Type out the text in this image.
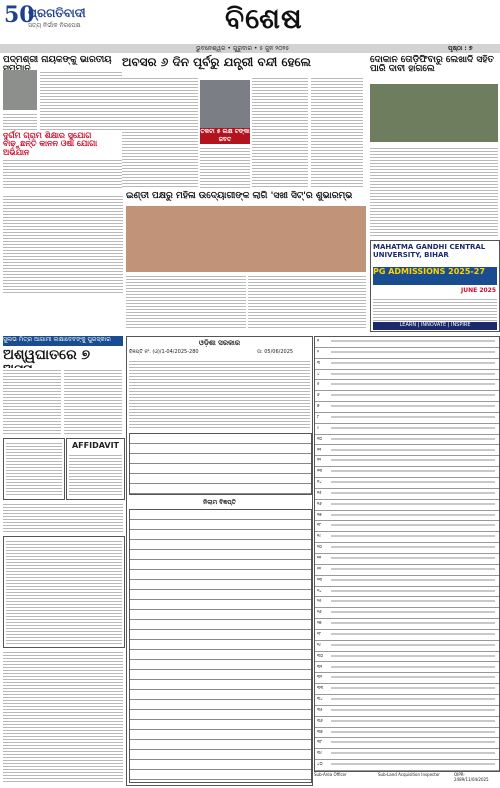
50
ପ୍ରଗତିବାଦୀ
ସତ୍ୟ ନିର୍ଭୀକ ନିରପେକ୍ଷ	ବିଶେଷ
ଭୁବନେଶ୍ୱର • ଗୁରୁବାର • ୫ ଜୁନ ୨୦୨୫	ପୃଷ୍ଠା : ୭
ପଦ୍ମଶ୍ରୀ ନାୟକଙ୍କୁ ଭାରତୀୟ
ଦୁର୍ଗମ ଗ୍ରାମ ଶିକ୍ଷାର ସୁଯୋଗ ବାଢ଼ୁଛନ୍ତି କାନନ ଓଷା ଯୋଗା ଅଭିଯାନ
ଅବସର ୬ ଦିନ ପୂର୍ବରୁ ଯନ୍ତ୍ରୀ ବନ୍ଦୀ ହେଲେ
ତକଟା ୫ ଲକ୍ଷ ଟଙ୍କା ଜବତ
ଦୋକାନ ତୋଡ଼ିଫିବାରୁ ଲେଖାଦି ସହିତ ପାରି ଦାବୀ ହାଗଲେ
ଇଣ୍ଡୀ ପକ୍ଷରୁ ମହିଳା ଉଦ୍ୟୋଗୀଙ୍କ ଲାଗି 'ସଖୀ ସିଟ୍'ର ଶୁଭାରମ୍ଭ
MAHATMA GANDHI CENTRAL UNIVERSITY, BIHAR
PG ADMISSIONS 2025-27
JUNE 2025
LEARN | INNOVATE | INSPIRE
ସୁଲଭ ମିତ୍ର ଆଗାମୀ ଲକ୍ଷାଦେବଙ୍କୁ ପୁରସ୍କାର
ଅଶ୍ୱଘାତରେ ୭
AFFIDAVIT
ଓଡ଼ିଶା ସରକାର
ବିଜ୍ଞପ୍ତି ନଂ. (ଓ)/1-04/2025-280	ତା: 05/06/2025
ନିଲାମ ବିଜ୍ଞପ୍ତି
୧
୨
୩
୪
୫
୬
୭
୮
୯
୧୦
୧୧
୧୨
୧୩
୧୪
୧୫
୧୬
୧୭
୧୮
୧୯
୨୦
୨୧
୨୨
୨୩
୨୪
୨୫
୨୬
୨୭
୨୮
୨୯
୩୦
୩୧
୩୨
୩୩
୩୪
୩୫
୩୬
୩୭
୩୮
୩୯
୪୦
Sub-Area Officer	Sub-Land Acquisition Inspector	OIPR-2489/11/04/2025
